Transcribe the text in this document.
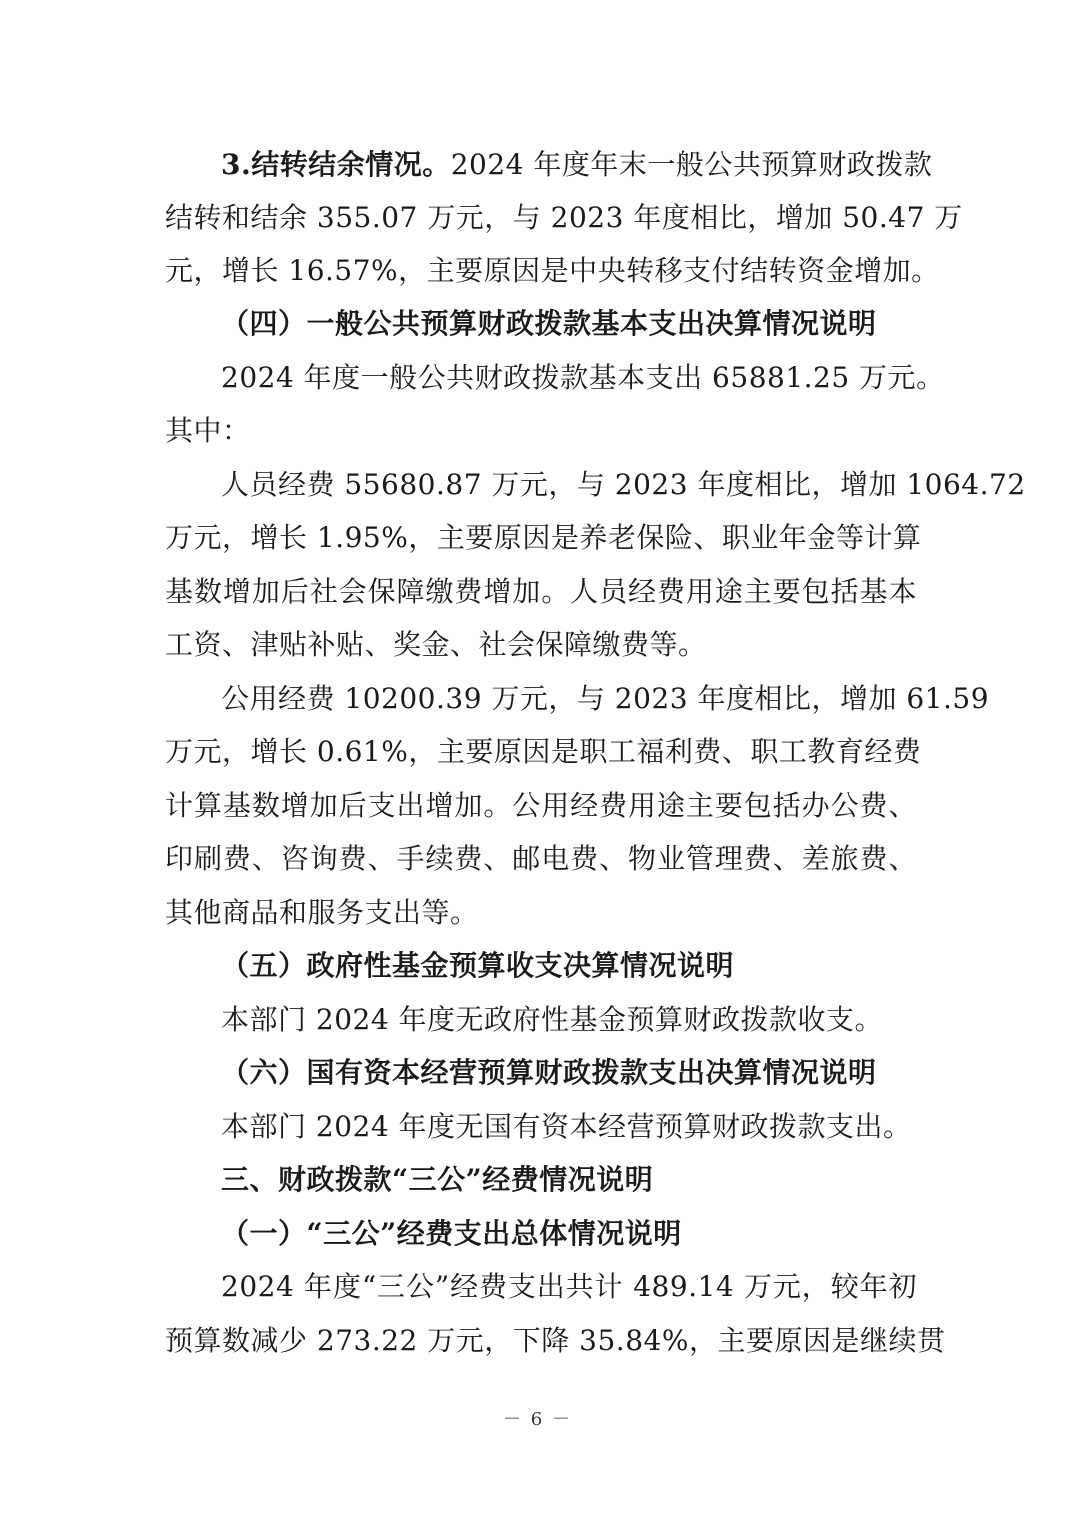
3.结转结余情况。2024 年度年末一般公共预算财政拨款
结转和结余 355.07 万元，与 2023 年度相比，增加 50.47 万
元，增长 16.57%，主要原因是中央转移支付结转资金增加。
（四）一般公共预算财政拨款基本支出决算情况说明
2024 年度一般公共财政拨款基本支出 65881.25 万元。
其中：
人员经费 55680.87 万元，与 2023 年度相比，增加 1064.72
万元，增长 1.95%，主要原因是养老保险、职业年金等计算
基数增加后社会保障缴费增加。人员经费用途主要包括基本
工资、津贴补贴、奖金、社会保障缴费等。
公用经费 10200.39 万元，与 2023 年度相比，增加 61.59
万元，增长 0.61%，主要原因是职工福利费、职工教育经费
计算基数增加后支出增加。公用经费用途主要包括办公费、
印刷费、咨询费、手续费、邮电费、物业管理费、差旅费、
其他商品和服务支出等。
（五）政府性基金预算收支决算情况说明
本部门 2024 年度无政府性基金预算财政拨款收支。
（六）国有资本经营预算财政拨款支出决算情况说明
本部门 2024 年度无国有资本经营预算财政拨款支出。
三、财政拨款“三公”经费情况说明
（一）“三公”经费支出总体情况说明
2024 年度“三公”经费支出共计 489.14 万元，较年初
预算数减少 273.22 万元，下降 35.84%，主要原因是继续贯
－ 6 －
